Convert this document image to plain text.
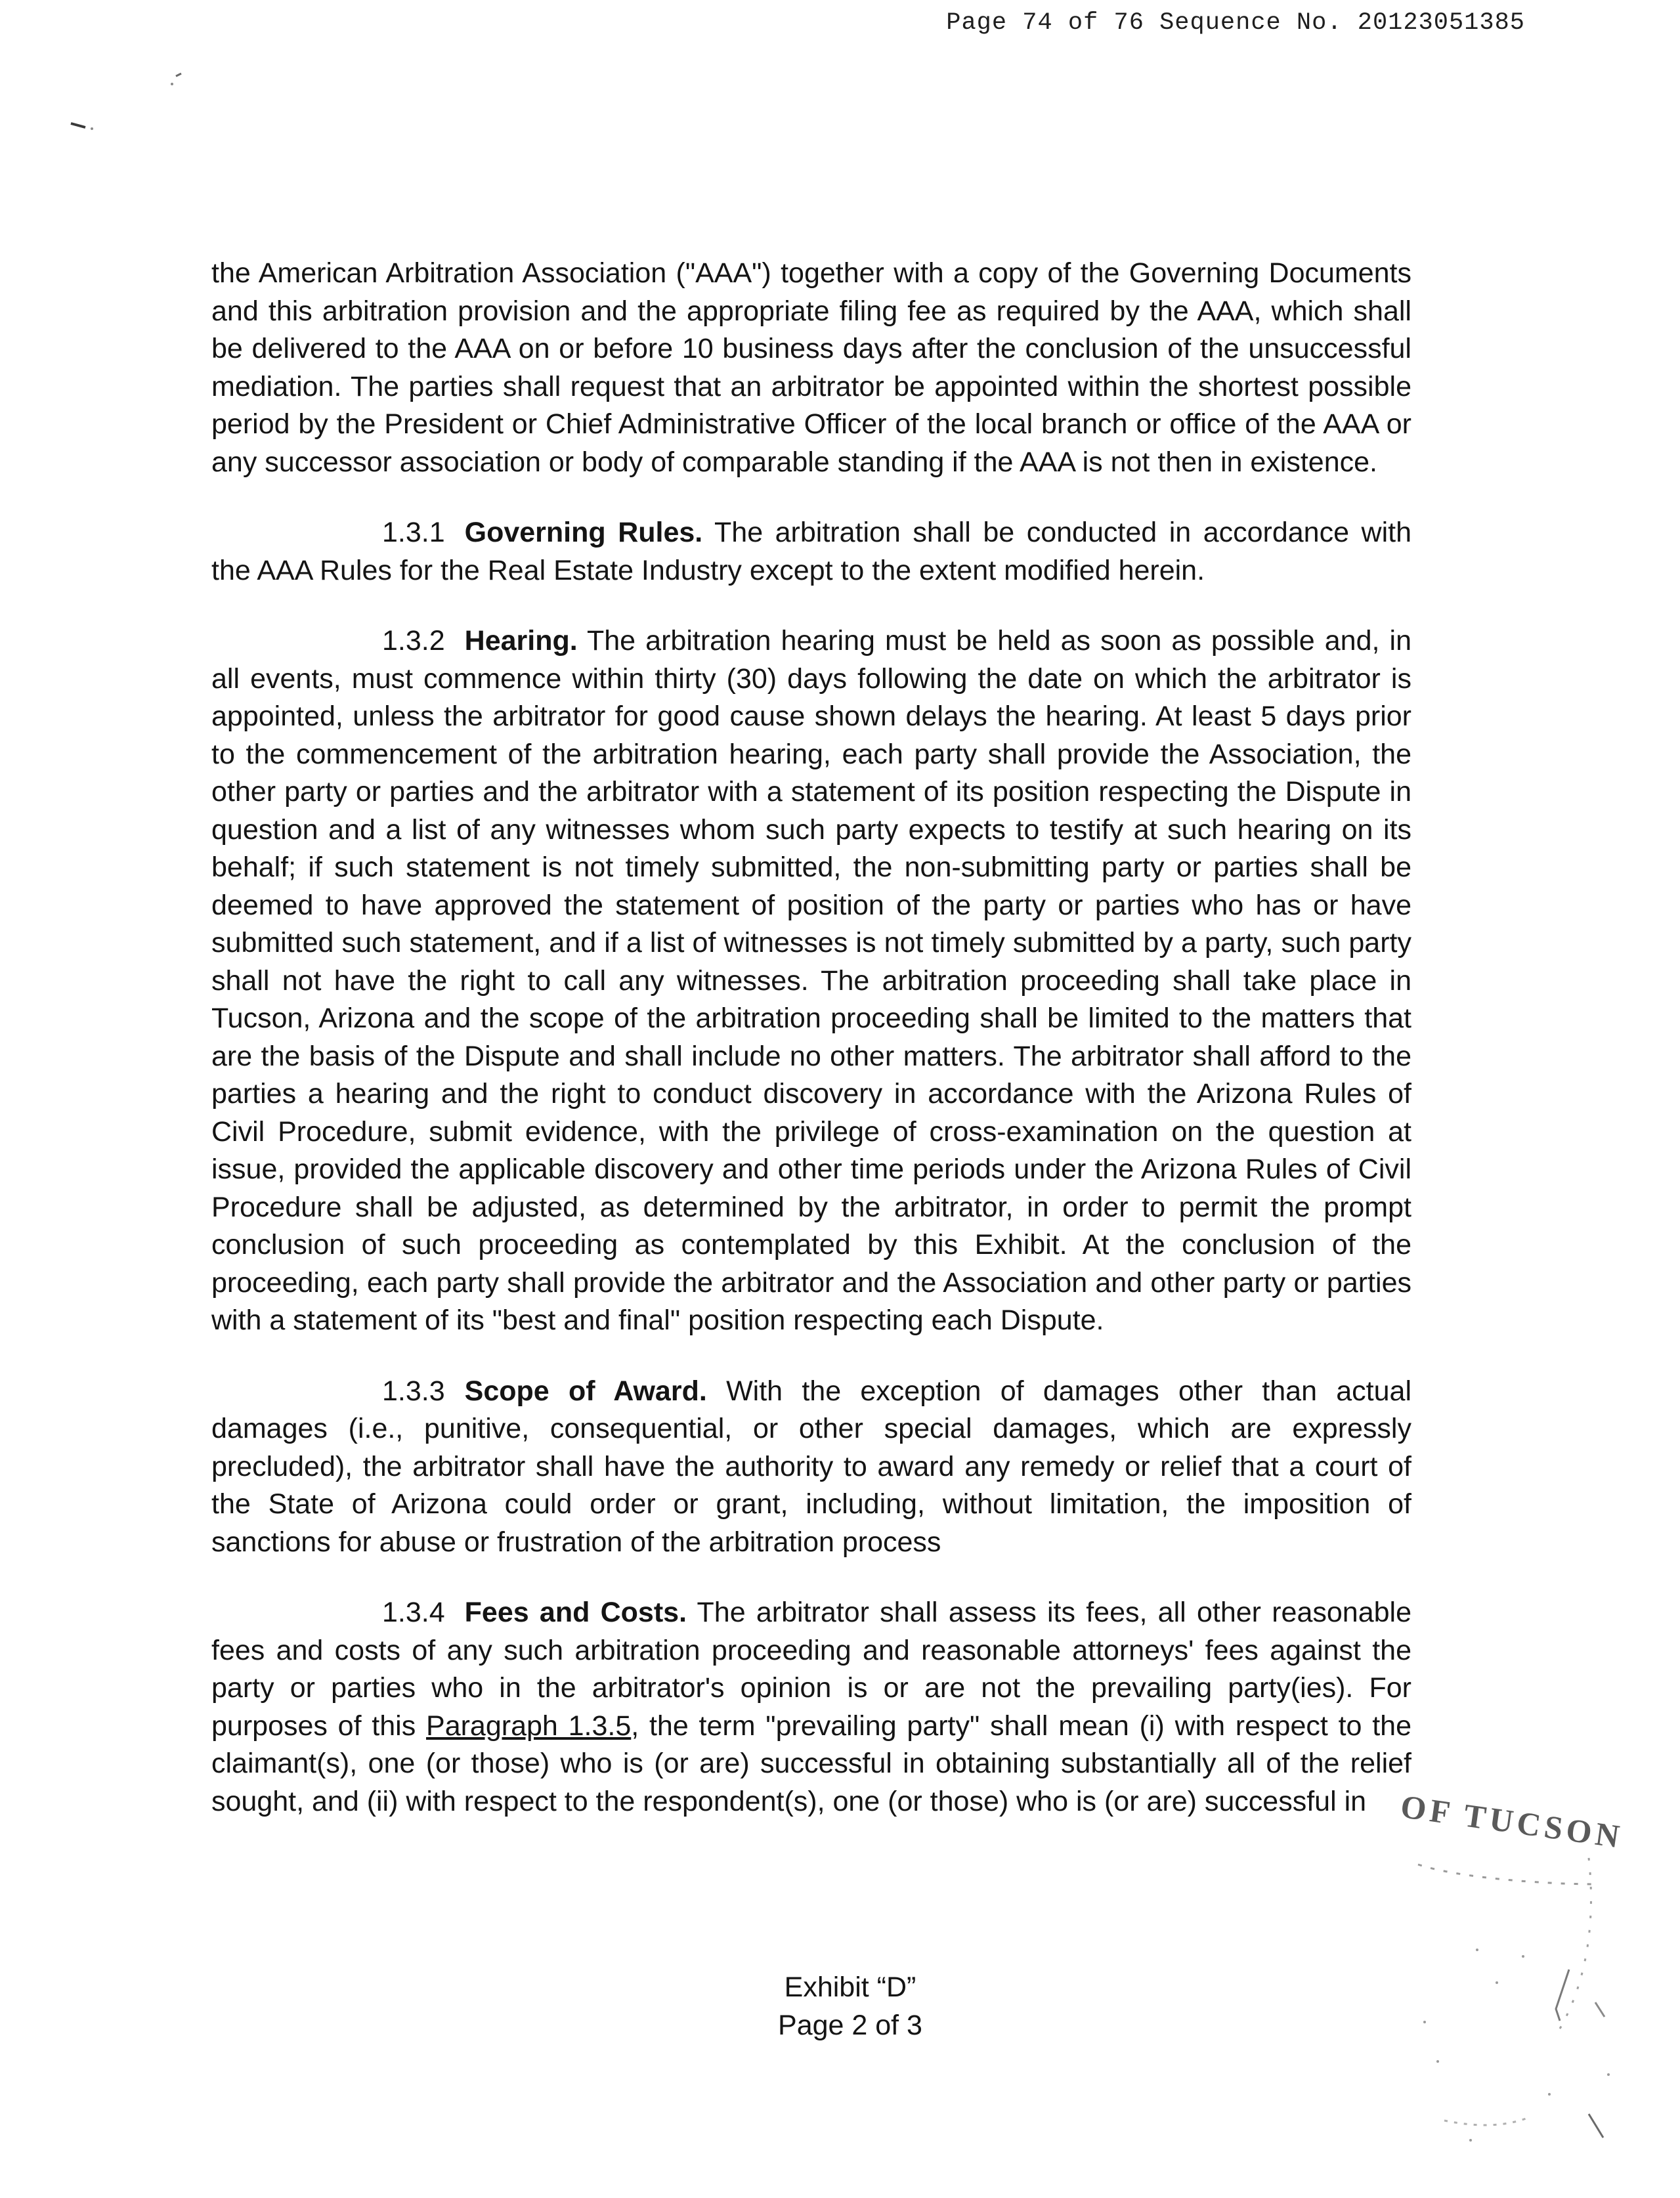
Page 74 of 76 Sequence No. 20123051385

the American Arbitration Association ("AAA") together with a copy of the Governing Documents and this arbitration provision and the appropriate filing fee as required by the AAA, which shall be delivered to the AAA on or before 10 business days after the conclusion of the unsuccessful mediation. The parties shall request that an arbitrator be appointed within the shortest possible period by the President or Chief Administrative Officer of the local branch or office of the AAA or any successor association or body of comparable standing if the AAA is not then in existence.

1.3.1 Governing Rules. The arbitration shall be conducted in accordance with the AAA Rules for the Real Estate Industry except to the extent modified herein.

1.3.2 Hearing. The arbitration hearing must be held as soon as possible and, in all events, must commence within thirty (30) days following the date on which the arbitrator is appointed, unless the arbitrator for good cause shown delays the hearing. At least 5 days prior to the commencement of the arbitration hearing, each party shall provide the Association, the other party or parties and the arbitrator with a statement of its position respecting the Dispute in question and a list of any witnesses whom such party expects to testify at such hearing on its behalf; if such statement is not timely submitted, the non-submitting party or parties shall be deemed to have approved the statement of position of the party or parties who has or have submitted such statement, and if a list of witnesses is not timely submitted by a party, such party shall not have the right to call any witnesses. The arbitration proceeding shall take place in Tucson, Arizona and the scope of the arbitration proceeding shall be limited to the matters that are the basis of the Dispute and shall include no other matters. The arbitrator shall afford to the parties a hearing and the right to conduct discovery in accordance with the Arizona Rules of Civil Procedure, submit evidence, with the privilege of cross-examination on the question at issue, provided the applicable discovery and other time periods under the Arizona Rules of Civil Procedure shall be adjusted, as determined by the arbitrator, in order to permit the prompt conclusion of such proceeding as contemplated by this Exhibit. At the conclusion of the proceeding, each party shall provide the arbitrator and the Association and other party or parties with a statement of its "best and final" position respecting each Dispute.

1.3.3 Scope of Award. With the exception of damages other than actual damages (i.e., punitive, consequential, or other special damages, which are expressly precluded), the arbitrator shall have the authority to award any remedy or relief that a court of the State of Arizona could order or grant, including, without limitation, the imposition of sanctions for abuse or frustration of the arbitration process

1.3.4 Fees and Costs. The arbitrator shall assess its fees, all other reasonable fees and costs of any such arbitration proceeding and reasonable attorneys' fees against the party or parties who in the arbitrator's opinion is or are not the prevailing party(ies). For purposes of this Paragraph 1.3.5, the term "prevailing party" shall mean (i) with respect to the claimant(s), one (or those) who is (or are) successful in obtaining substantially all of the relief sought, and (ii) with respect to the respondent(s), one (or those) who is (or are) successful in

Exhibit “D”
Page 2 of 3
OF TUCSON
